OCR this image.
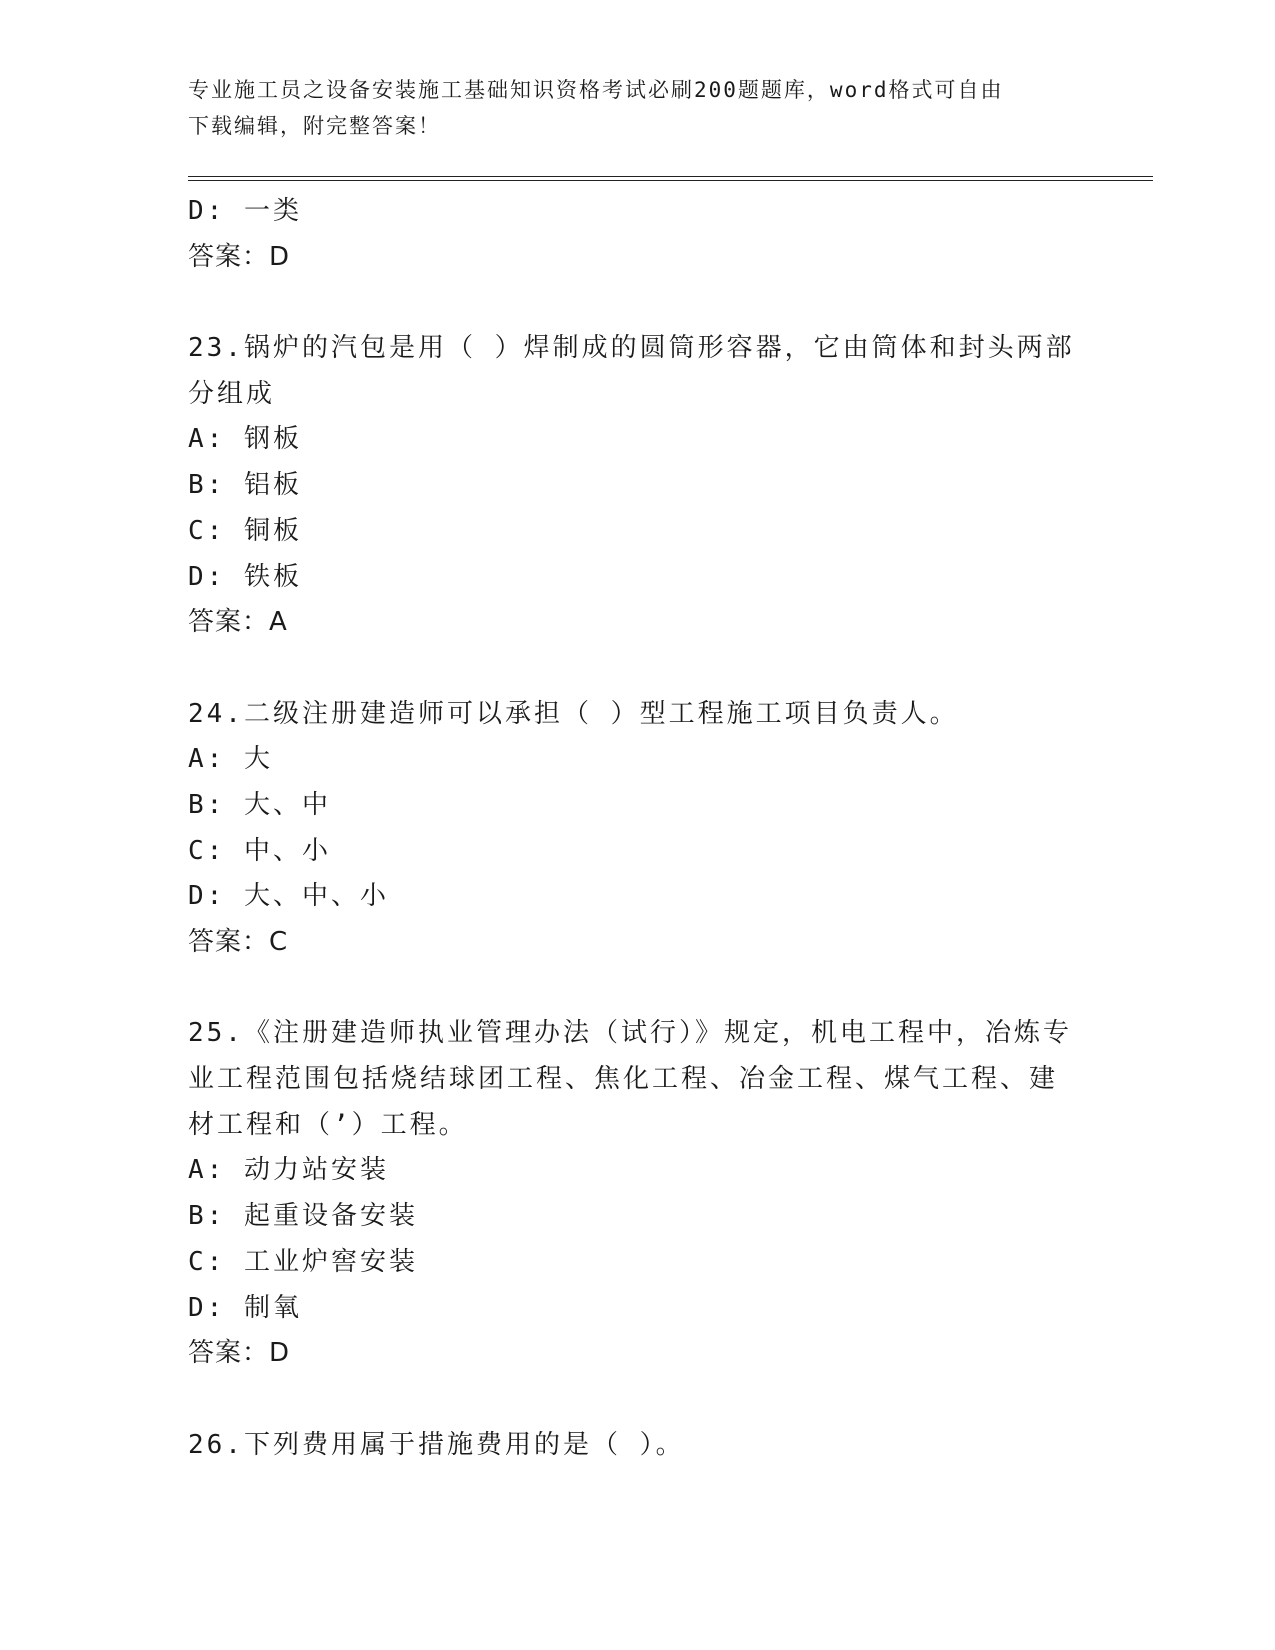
专业施工员之设备安装施工基础知识资格考试必刷200题题库，word格式可自由
下载编辑，附完整答案！
D: 一类
答案：D
23.锅炉的汽包是用（ ）焊制成的圆筒形容器，它由筒体和封头两部
分组成
A: 钢板
B: 铝板
C: 铜板
D: 铁板
答案：A
24.二级注册建造师可以承担（ ）型工程施工项目负责人。
A: 大
B: 大、中
C: 中、小
D: 大、中、小
答案：C
25.《注册建造师执业管理办法（试行）》规定，机电工程中，冶炼专
业工程范围包括烧结球团工程、焦化工程、冶金工程、煤气工程、建
材工程和（’）工程。
A: 动力站安装
B: 起重设备安装
C: 工业炉窖安装
D: 制氧
答案：D
26.下列费用属于措施费用的是（ ）。
